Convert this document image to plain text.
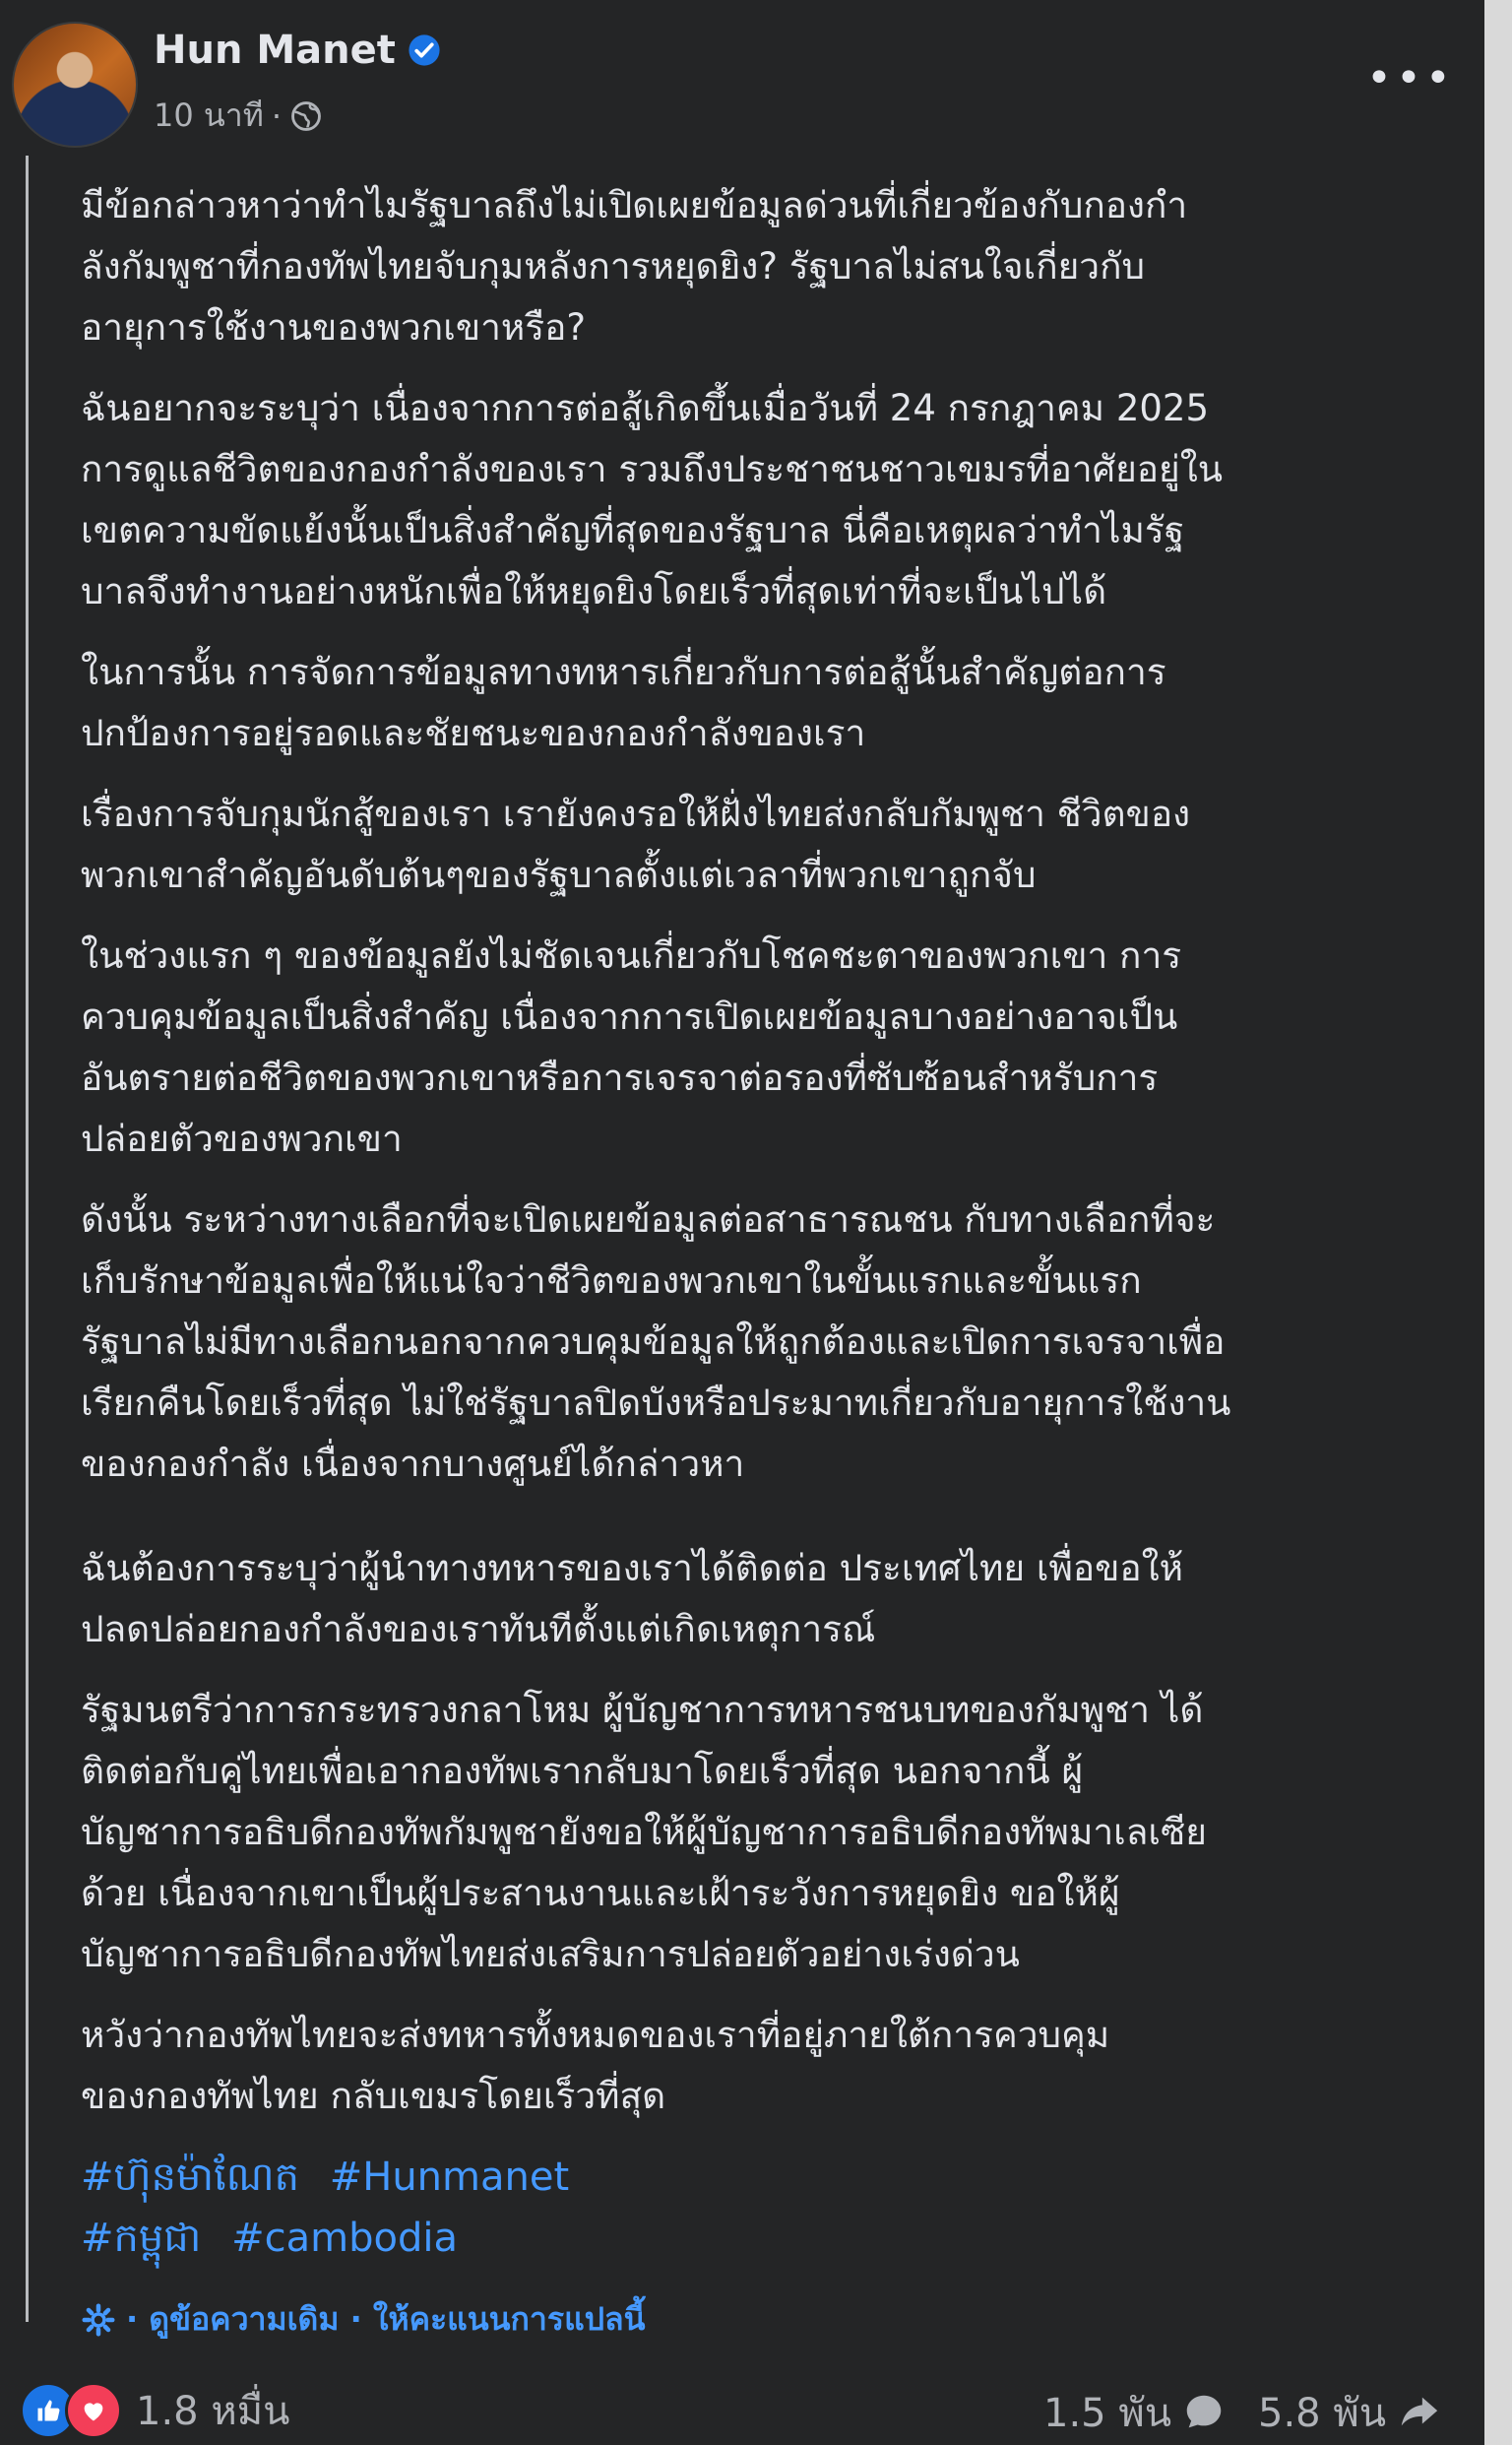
Hun Manet
10 นาที ·
•••

มีข้อกล่าวหาว่าทำไมรัฐบาลถึงไม่เปิดเผยข้อมูลด่วนที่เกี่ยวข้องกับกองกำ
ลังกัมพูชาที่กองทัพไทยจับกุมหลังการหยุดยิง? รัฐบาลไม่สนใจเกี่ยวกับ
อายุการใช้งานของพวกเขาหรือ?

ฉันอยากจะระบุว่า เนื่องจากการต่อสู้เกิดขึ้นเมื่อวันที่ 24 กรกฎาคม 2025
การดูแลชีวิตของกองกำลังของเรา รวมถึงประชาชนชาวเขมรที่อาศัยอยู่ใน
เขตความขัดแย้งนั้นเป็นสิ่งสำคัญที่สุดของรัฐบาล นี่คือเหตุผลว่าทำไมรัฐ
บาลจึงทำงานอย่างหนักเพื่อให้หยุดยิงโดยเร็วที่สุดเท่าที่จะเป็นไปได้

ในการนั้น การจัดการข้อมูลทางทหารเกี่ยวกับการต่อสู้นั้นสำคัญต่อการ
ปกป้องการอยู่รอดและชัยชนะของกองกำลังของเรา

เรื่องการจับกุมนักสู้ของเรา เรายังคงรอให้ฝั่งไทยส่งกลับกัมพูชา ชีวิตของ
พวกเขาสำคัญอันดับต้นๆของรัฐบาลตั้งแต่เวลาที่พวกเขาถูกจับ

ในช่วงแรก ๆ ของข้อมูลยังไม่ชัดเจนเกี่ยวกับโชคชะตาของพวกเขา การ
ควบคุมข้อมูลเป็นสิ่งสำคัญ เนื่องจากการเปิดเผยข้อมูลบางอย่างอาจเป็น
อันตรายต่อชีวิตของพวกเขาหรือการเจรจาต่อรองที่ซับซ้อนสำหรับการ
ปล่อยตัวของพวกเขา

ดังนั้น ระหว่างทางเลือกที่จะเปิดเผยข้อมูลต่อสาธารณชน กับทางเลือกที่จะ
เก็บรักษาข้อมูลเพื่อให้แน่ใจว่าชีวิตของพวกเขาในขั้นแรกและขั้นแรก
รัฐบาลไม่มีทางเลือกนอกจากควบคุมข้อมูลให้ถูกต้องและเปิดการเจรจาเพื่อ
เรียกคืนโดยเร็วที่สุด ไม่ใช่รัฐบาลปิดบังหรือประมาทเกี่ยวกับอายุการใช้งาน
ของกองกำลัง เนื่องจากบางศูนย์ได้กล่าวหา

ฉันต้องการระบุว่าผู้นำทางทหารของเราได้ติดต่อ ประเทศไทย เพื่อขอให้
ปลดปล่อยกองกำลังของเราทันทีตั้งแต่เกิดเหตุการณ์

รัฐมนตรีว่าการกระทรวงกลาโหม ผู้บัญชาการทหารชนบทของกัมพูชา ได้
ติดต่อกับคู่ไทยเพื่อเอากองทัพเรากลับมาโดยเร็วที่สุด นอกจากนี้ ผู้
บัญชาการอธิบดีกองทัพกัมพูชายังขอให้ผู้บัญชาการอธิบดีกองทัพมาเลเซีย
ด้วย เนื่องจากเขาเป็นผู้ประสานงานและเฝ้าระวังการหยุดยิง ขอให้ผู้
บัญชาการอธิบดีกองทัพไทยส่งเสริมการปล่อยตัวอย่างเร่งด่วน

หวังว่ากองทัพไทยจะส่งทหารทั้งหมดของเราที่อยู่ภายใต้การควบคุม
ของกองทัพไทย กลับเขมรโดยเร็วที่สุด

#ហ៊ុនម៉ាណែត #Hunmanet
#កម្ពុជា #cambodia
· ดูข้อความเดิม · ให้คะแนนการแปลนี้
1.8 หมื่น	1.5 พัน 5.8 พัน
